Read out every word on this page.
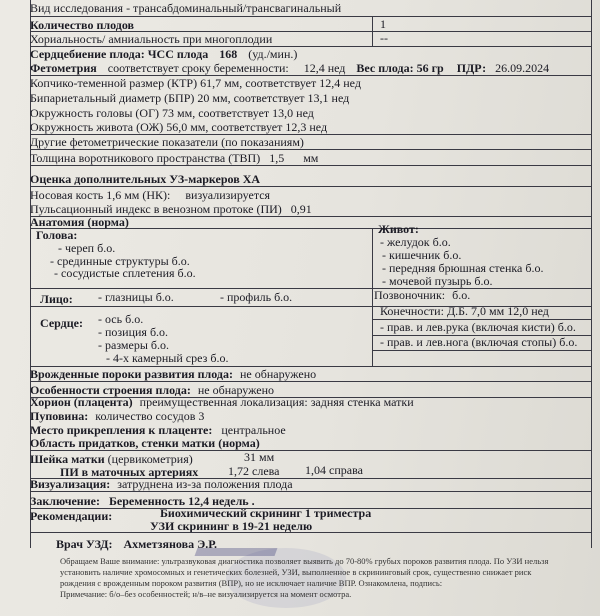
Вид исследования - трансабдоминальный/трансвагинальный
Количество плодов	1
Хориальность/ амниальность при многоплодии	--
Сердцебиение плода: ЧСС плода 168 (уд./мин.)
Фетометрия соответствует сроку беременности: 12,4 нед Вес плода: 56 гр ПДР: 26.09.2024
Копчико-теменной размер (КТР) 61,7 мм, соответствует 12,4 нед
Бипариетальный диаметр (БПР) 20 мм, соответствует 13,1 нед
Окружность головы (ОГ) 73 мм, соответствует 13,0 нед
Окружность живота (ОЖ) 56,0 мм, соответствует 12,3 нед
Другие фетометрические показатели (по показаниям)
Толщина воротникового пространства (ТВП) 1,5 мм
Оценка дополнительных УЗ-маркеров ХА
Носовая кость 1,6 мм (НК): визуализируется
Пульсационный индекс в венозном протоке (ПИ) 0,91
Анатомия (норма)
Голова:
- череп б.о.
- срединные структуры б.о.
- сосудистые сплетения б.о.
Живот:
- желудок б.о.
- кишечник б.о.
- передняя брюшная стенка б.о.
- мочевой пузырь б.о.
Лицо: - глазницы б.о.	- профиль б.о.	Позвоночник: б.о.
Сердце: - ось б.о.
- позиция б.о.
- размеры б.о.
- 4-х камерный срез б.о.
Конечности: Д.Б. 7,0 мм 12,0 нед
- прав. и лев.рука (включая кисти) б.о.
- прав. и лев.нога (включая стопы) б.о.
Врожденные пороки развития плода: не обнаружено
Особенности строения плода: не обнаружено
Хорион (плацента) преимущественная локализация: задняя стенка матки
Пуповина: количество сосудов 3
Место прикрепления к плаценте: центральное
Область придатков, стенки матки (норма)
Шейка матки (цервикометрия)	31 мм
ПИ в маточных артериях 1,72 слева 1,04 справа
Визуализация: затруднена из-за положения плода
Заключение: Беременность 12,4 недель .
Рекомендации:	Биохимический скрининг 1 триместра
УЗИ скрининг в 19-21 неделю
Врач УЗД: Ахметзянова Э.Р.
Обращаем Ваше внимание: ультразвуковая диагностика позволяет выявить до 70-80% грубых пороков развития плода. По УЗИ нельзя
установить наличие хромосомных и генетических болезней, УЗИ, выполненное в скрининговый срок, существенно снижает риск
рождения с врожденным пороком развития (ВПР), но не исключает наличие ВПР. Ознакомлена, подпись:
Примечание: б/о–без особенностей; н/в–не визуализируется на момент осмотра.
